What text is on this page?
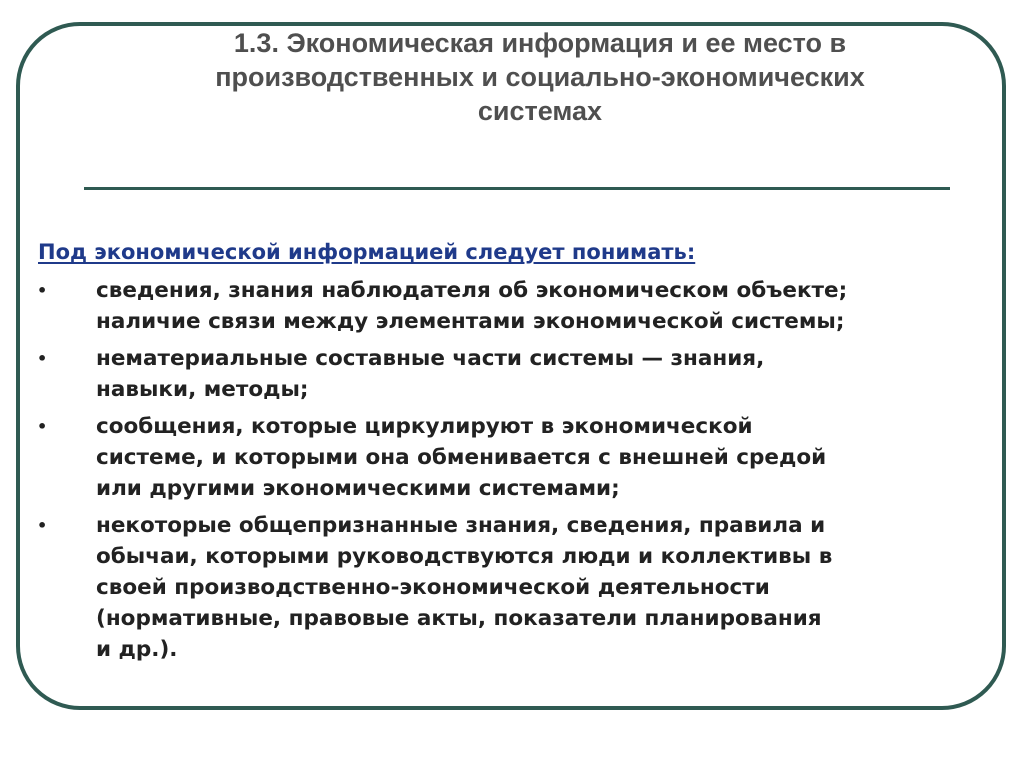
1.3. Экономическая информация и ее место в
производственных и социально-экономических
системах

Под экономической информацией следует понимать:

• сведения, знания наблюдателя об экономическом объекте;
наличие связи между элементами экономической системы;
• нематериальные составные части системы — знания,
навыки, методы;
• сообщения, которые циркулируют в экономической
системе, и которыми она обменивается с внешней средой
или другими экономическими системами;
• некоторые общепризнанные знания, сведения, правила и
обычаи, которыми руководствуются люди и коллективы в
своей производственно-экономической деятельности
(нормативные, правовые акты, показатели планирования
и др.).
